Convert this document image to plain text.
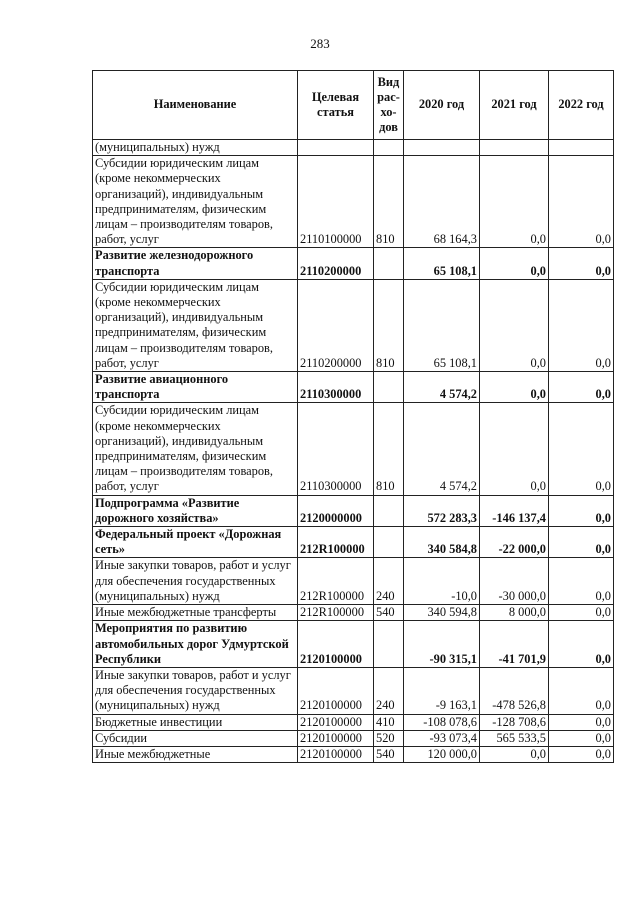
283
Наименование	Целевая статья	Вид рас-хо-дов	2020 год	2021 год	2022 год
(муниципальных) нужд					
Субсидии юридическим лицам (кроме некоммерческих организаций), индивидуальным предпринимателям, физическим лицам – производителям товаров, работ, услуг	2110100000	810	68 164,3	0,0	0,0
Развитие железнодорожного транспорта	2110200000		65 108,1	0,0	0,0
Субсидии юридическим лицам (кроме некоммерческих организаций), индивидуальным предпринимателям, физическим лицам – производителям товаров, работ, услуг	2110200000	810	65 108,1	0,0	0,0
Развитие авиационного транспорта	2110300000		4 574,2	0,0	0,0
Субсидии юридическим лицам (кроме некоммерческих организаций), индивидуальным предпринимателям, физическим лицам – производителям товаров, работ, услуг	2110300000	810	4 574,2	0,0	0,0
Подпрограмма «Развитие дорожного хозяйства»	2120000000		572 283,3	-146 137,4	0,0
Федеральный проект «Дорожная сеть»	212R100000		340 584,8	-22 000,0	0,0
Иные закупки товаров, работ и услуг для обеспечения государственных (муниципальных) нужд	212R100000	240	-10,0	-30 000,0	0,0
Иные межбюджетные трансферты	212R100000	540	340 594,8	8 000,0	0,0
Мероприятия по развитию автомобильных дорог Удмуртской Республики	2120100000		-90 315,1	-41 701,9	0,0
Иные закупки товаров, работ и услуг для обеспечения государственных (муниципальных) нужд	2120100000	240	-9 163,1	-478 526,8	0,0
Бюджетные инвестиции	2120100000	410	-108 078,6	-128 708,6	0,0
Субсидии	2120100000	520	-93 073,4	565 533,5	0,0
Иные межбюджетные	2120100000	540	120 000,0	0,0	0,0
